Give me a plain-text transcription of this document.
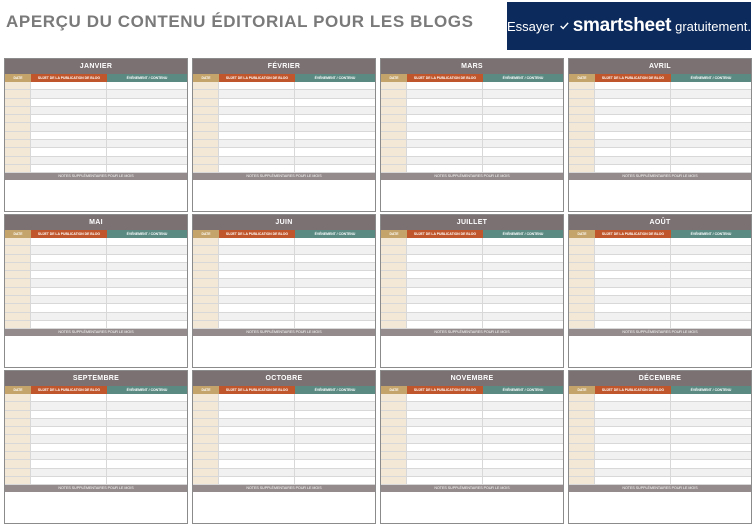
APERÇU DU CONTENU ÉDITORIAL POUR LES BLOGS	Essayer smartsheet gratuitement.
JANVIER
DATE	SUJET DE LA PUBLICATION DE BLOG	ÉVÉNEMENT / CONTENU
NOTES SUPPLÉMENTAIRES POUR LE MOIS
FÉVRIER
DATE	SUJET DE LA PUBLICATION DE BLOG	ÉVÉNEMENT / CONTENU
NOTES SUPPLÉMENTAIRES POUR LE MOIS
MARS
DATE	SUJET DE LA PUBLICATION DE BLOG	ÉVÉNEMENT / CONTENU
NOTES SUPPLÉMENTAIRES POUR LE MOIS
AVRIL
DATE	SUJET DE LA PUBLICATION DE BLOG	ÉVÉNEMENT / CONTENU
NOTES SUPPLÉMENTAIRES POUR LE MOIS
MAI
DATE	SUJET DE LA PUBLICATION DE BLOG	ÉVÉNEMENT / CONTENU
NOTES SUPPLÉMENTAIRES POUR LE MOIS
JUIN
DATE	SUJET DE LA PUBLICATION DE BLOG	ÉVÉNEMENT / CONTENU
NOTES SUPPLÉMENTAIRES POUR LE MOIS
JUILLET
DATE	SUJET DE LA PUBLICATION DE BLOG	ÉVÉNEMENT / CONTENU
NOTES SUPPLÉMENTAIRES POUR LE MOIS
AOÛT
DATE	SUJET DE LA PUBLICATION DE BLOG	ÉVÉNEMENT / CONTENU
NOTES SUPPLÉMENTAIRES POUR LE MOIS
SEPTEMBRE
DATE	SUJET DE LA PUBLICATION DE BLOG	ÉVÉNEMENT / CONTENU
NOTES SUPPLÉMENTAIRES POUR LE MOIS
OCTOBRE
DATE	SUJET DE LA PUBLICATION DE BLOG	ÉVÉNEMENT / CONTENU
NOTES SUPPLÉMENTAIRES POUR LE MOIS
NOVEMBRE
DATE	SUJET DE LA PUBLICATION DE BLOG	ÉVÉNEMENT / CONTENU
NOTES SUPPLÉMENTAIRES POUR LE MOIS
DÉCEMBRE
DATE	SUJET DE LA PUBLICATION DE BLOG	ÉVÉNEMENT / CONTENU
NOTES SUPPLÉMENTAIRES POUR LE MOIS
